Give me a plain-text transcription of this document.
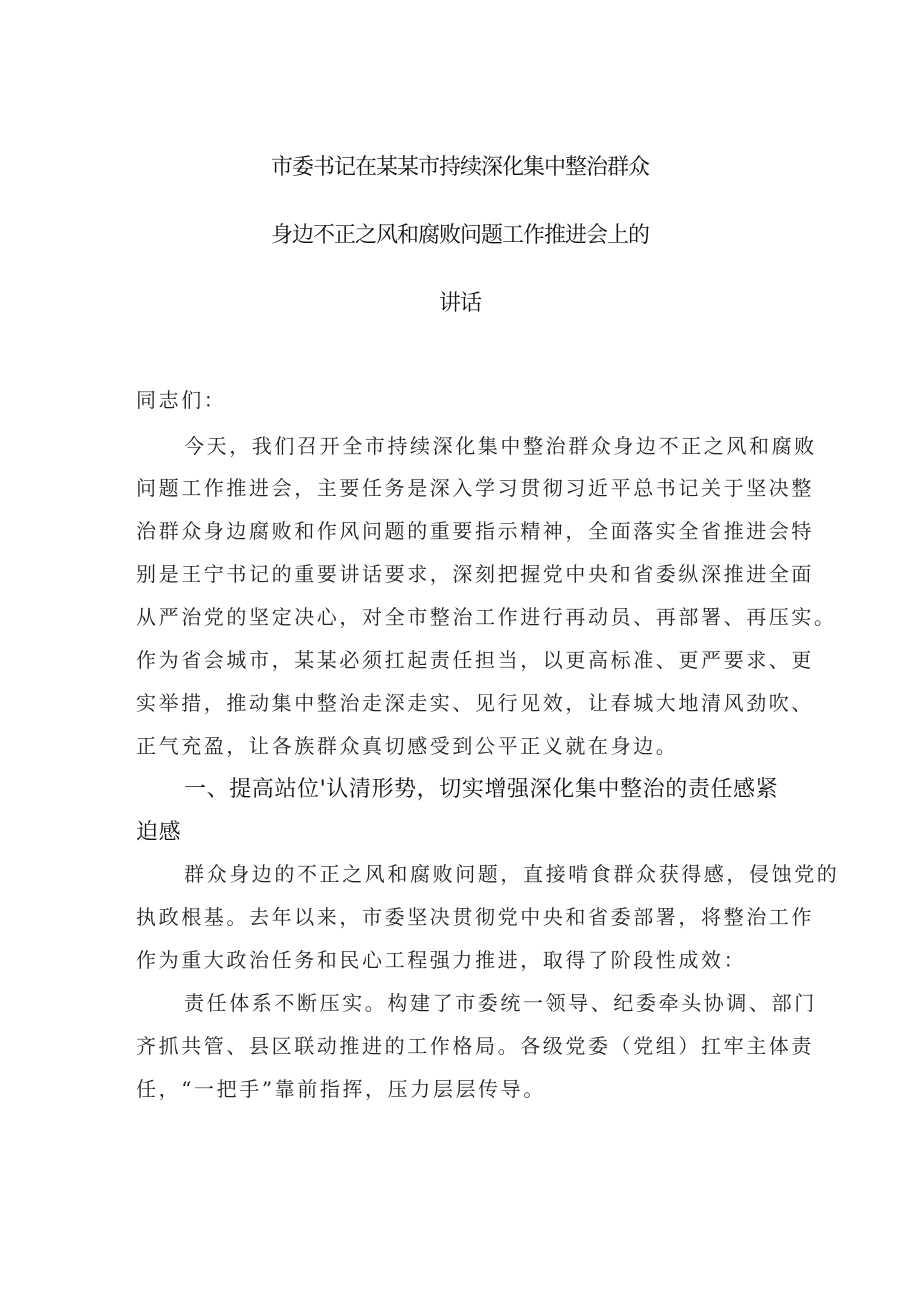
市委书记在某某市持续深化集中整治群众
身边不正之风和腐败问题工作推进会上的
讲话
同志们：
今天，我们召开全市持续深化集中整治群众身边不正之风和腐败
问题工作推进会，主要任务是深入学习贯彻习近平总书记关于坚决整
治群众身边腐败和作风问题的重要指示精神，全面落实全省推进会特
别是王宁书记的重要讲话要求，深刻把握党中央和省委纵深推进全面
从严治党的坚定决心，对全市整治工作进行再动员、再部署、再压实。
作为省会城市，某某必须扛起责任担当，以更高标准、更严要求、更
实举措，推动集中整治走深走实、见行见效，让春城大地清风劲吹、
正气充盈，让各族群众真切感受到公平正义就在身边。
一、提高站位'认清形势，切实增强深化集中整治的责任感紧
迫感
群众身边的不正之风和腐败问题，直接啃食群众获得感，侵蚀党的
执政根基。去年以来，市委坚决贯彻党中央和省委部署，将整治工作
作为重大政治任务和民心工程强力推进，取得了阶段性成效：
责任体系不断压实。构建了市委统一领导、纪委牵头协调、部门
齐抓共管、县区联动推进的工作格局。各级党委（党组）扛牢主体责
任，“一把手”靠前指挥，压力层层传导。
